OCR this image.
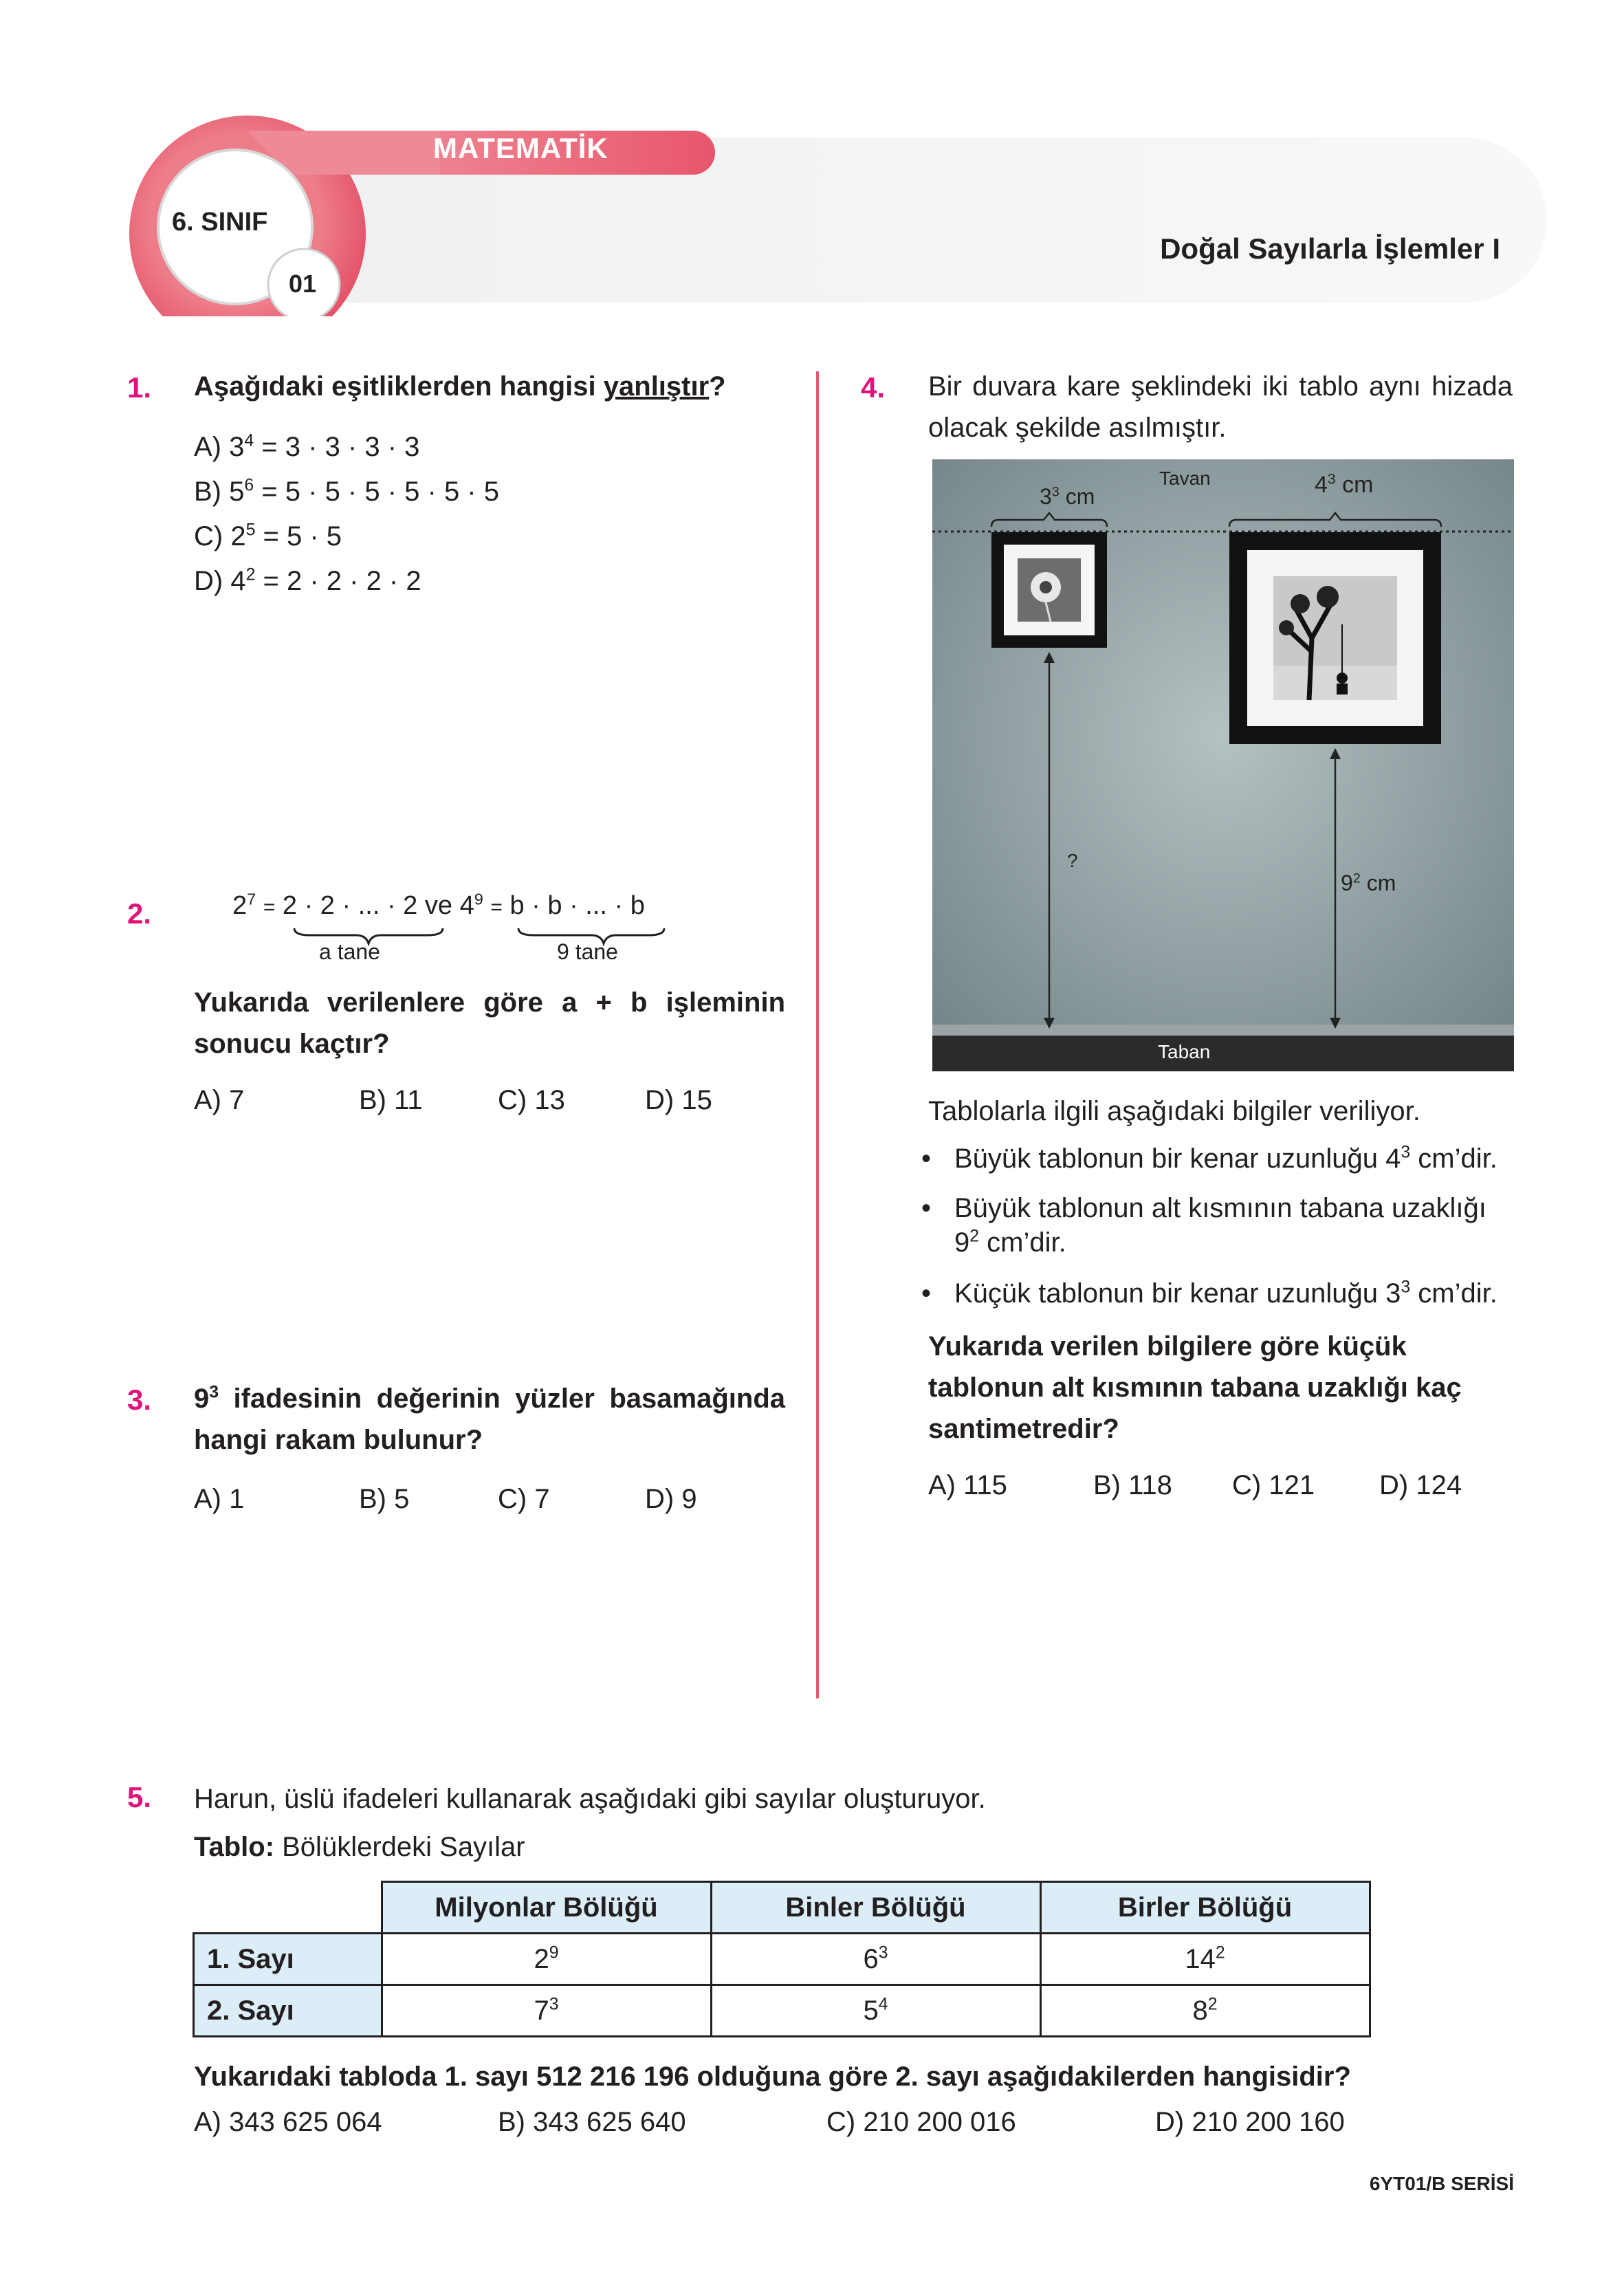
MATEMATİK
6. SINIF
01
Doğal Sayılarla İşlemler I
1. Aşağıdaki eşitliklerden hangisi yanlıştır?
A) $3^4 = 3 \cdot 3 \cdot 3 \cdot 3$
B) $5^6 = 5 \cdot 5 \cdot 5 \cdot 5 \cdot 5 \cdot 5$
C) $2^5 = 5 \cdot 5$
D) $4^2 = 2 \cdot 2 \cdot 2 \cdot 2$
2.	$2^7 = 2 \cdot 2$ · ... · 2 ve $4^9 = b \cdot b$ · ... · b
a tane	9 tane
Yukarıda verilenlere göre a + b işleminin sonucu kaçtır?
A) 7	B) 11	C) 13	D) 15
3. $9^3$ ifadesinin değerinin yüzler basamağında hangi rakam bulunur?
A) 1	B) 5	C) 7	D) 9
4. Bir duvara kare şeklindeki iki tablo aynı hizada olacak şekilde asılmıştır.
Tavan
$3^3$ cm	$4^3$ cm
?
$9^2$ cm
Taban
Tablolarla ilgili aşağıdaki bilgiler veriliyor.
• Büyük tablonun bir kenar uzunluğu $4^3$ cm’dir.
• Büyük tablonun alt kısmının tabana uzaklığı $9^2$ cm’dir.
• Küçük tablonun bir kenar uzunluğu $3^3$ cm’dir.
Yukarıda verilen bilgilere göre küçük tablonun alt kısmının tabana uzaklığı kaç santimetredir?
A) 115	B) 118 C) 121 D) 124
5. Harun, üslü ifadeleri kullanarak aşağıdaki gibi sayılar oluşturuyor.
Tablo: Bölüklerdeki Sayılar
	Milyonlar Bölüğü	Binler Bölüğü	Birler Bölüğü
1. Sayı	$2^9$	$6^3$	$14^2$
2. Sayı	$7^3$	$5^4$	$8^2$
Yukarıdaki tabloda 1. sayı 512 216 196 olduğuna göre 2. sayı aşağıdakilerden hangisidir?
A) 343 625 064	B) 343 625 640	C) 210 200 016	D) 210 200 160
6YT01/B SERİSİ
